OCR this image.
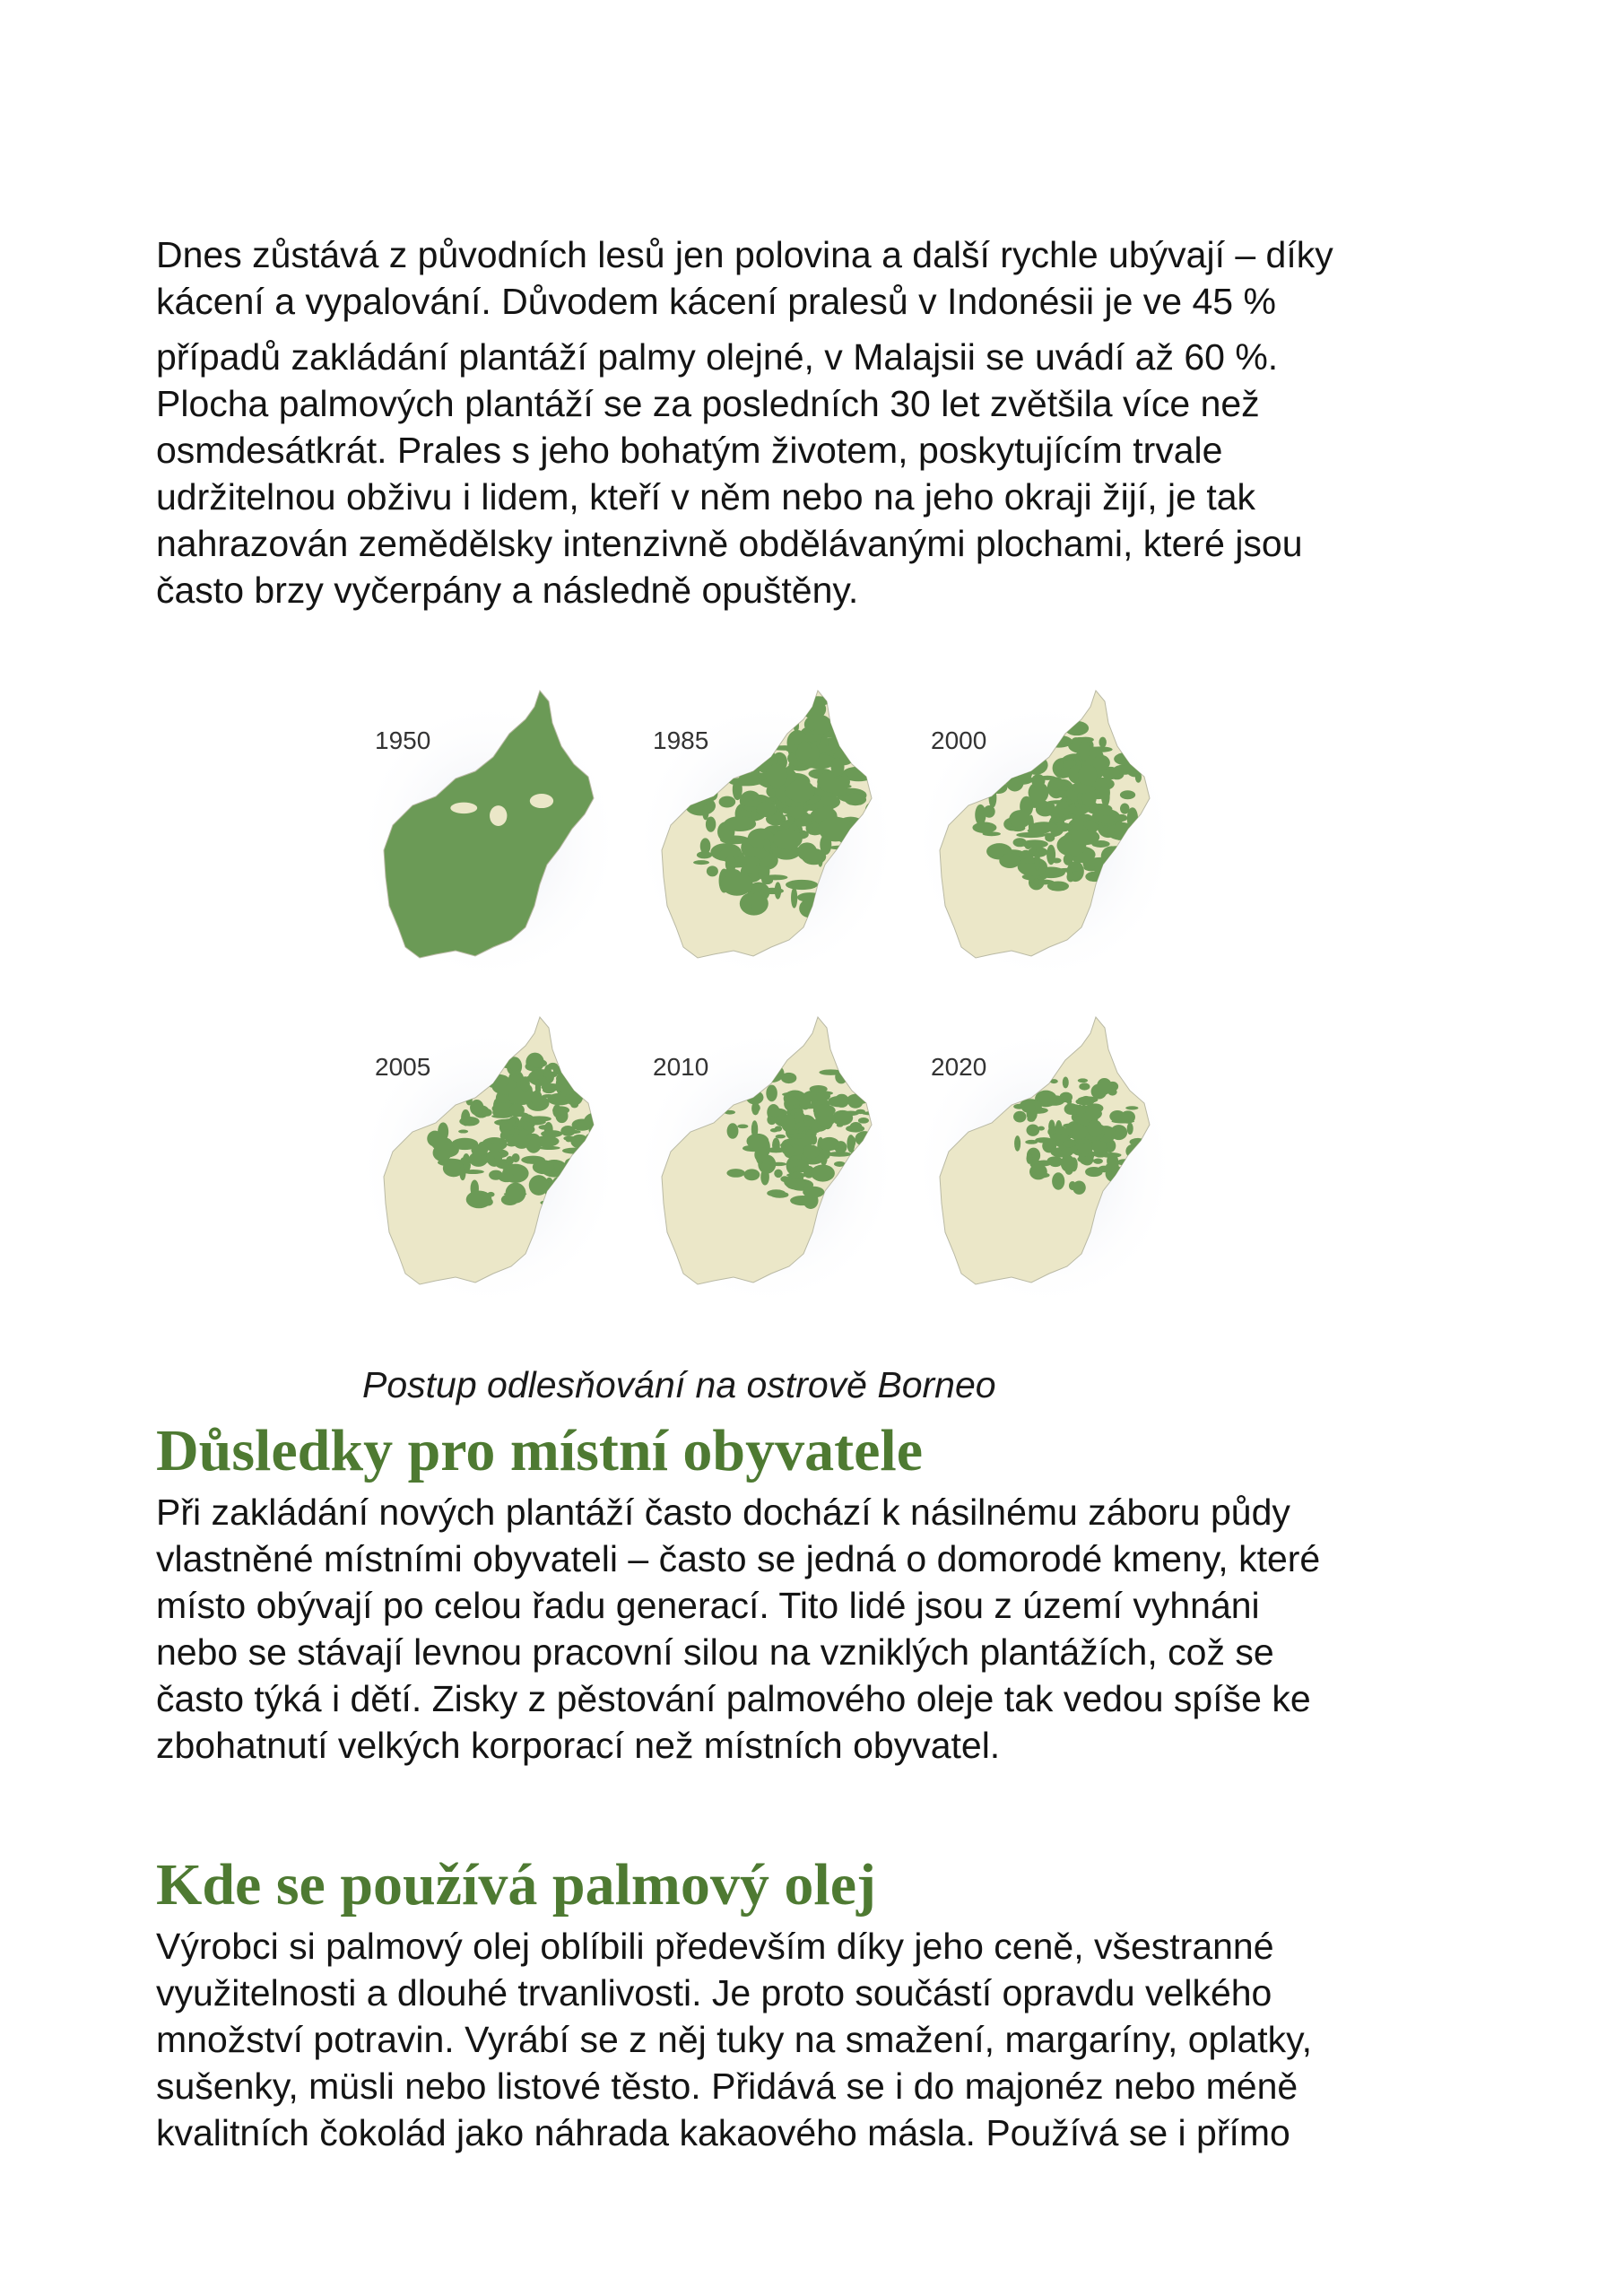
Dnes zůstává z původních lesů jen polovina a další rychle ubývají – díky
kácení a vypalování. Důvodem kácení pralesů v Indonésii je ve 45 %
případů zakládání plantáží palmy olejné, v Malajsii se uvádí až 60 %.
Plocha palmových plantáží se za posledních 30 let zvětšila více než
osmdesátkrát. Prales s jeho bohatým životem, poskytujícím trvale
udržitelnou obživu i lidem, kteří v něm nebo na jeho okraji žijí, je tak
nahrazován zemědělsky intenzivně obdělávanými plochami, které jsou
často brzy vyčerpány a následně opuštěny.
1950	1985	2000
2005	2010	2020

Postup odlesňování na ostrově Borneo

Důsledky pro místní obyvatele
Při zakládání nových plantáží často dochází k násilnému záboru půdy
vlastněné místními obyvateli – často se jedná o domorodé kmeny, které
místo obývají po celou řadu generací. Tito lidé jsou z území vyhnáni
nebo se stávají levnou pracovní silou na vzniklých plantážích, což se
často týká i dětí. Zisky z pěstování palmového oleje tak vedou spíše ke
zbohatnutí velkých korporací než místních obyvatel.
Kde se používá palmový olej
Výrobci si palmový olej oblíbili především díky jeho ceně, všestranné
využitelnosti a dlouhé trvanlivosti. Je proto součástí opravdu velkého
množství potravin. Vyrábí se z něj tuky na smažení, margaríny, oplatky,
sušenky, müsli nebo listové těsto. Přidává se i do majonéz nebo méně
kvalitních čokolád jako náhrada kakaového másla. Používá se i přímo
